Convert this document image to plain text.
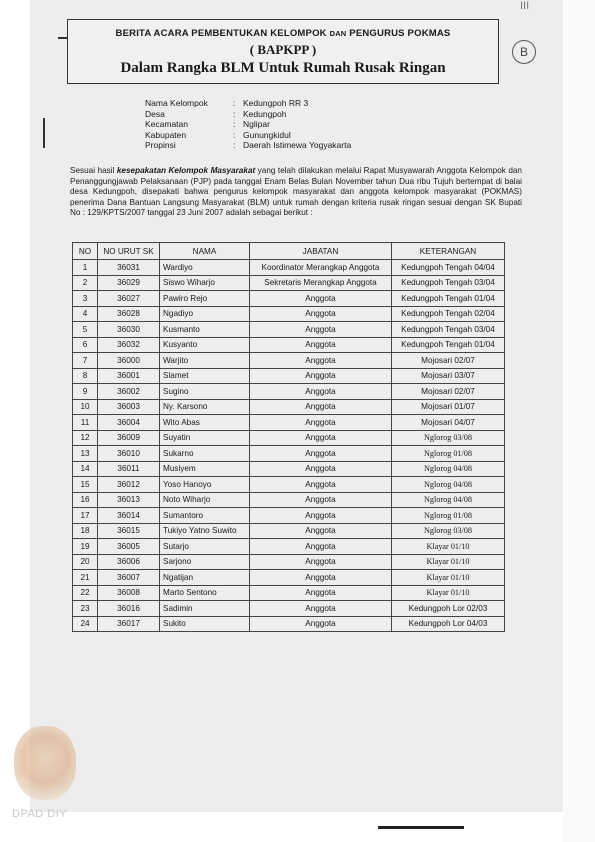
III
B
BERITA ACARA PEMBENTUKAN KELOMPOK DAN PENGURUS POKMAS
( BAPKPP )
Dalam Rangka BLM Untuk Rumah Rusak Ringan
Nama Kelompok	: Kedungpoh RR 3
Desa	: Kedungpoh
Kecamatan	: Nglipar
Kabupaten	: Gunungkidul
Propinsi	: Daerah Istimewa Yogyakarta
Sesuai hasil kesepakatan Kelompok Masyarakat yang telah dilakukan melalui Rapat Musyawarah Anggota Kelompok dan Penanggungjawab Pelaksanaan (PJP) pada tanggal Enam Belas Bulan November tahun Dua ribu Tujuh bertempat di balai desa Kedungpoh, disepakati bahwa pengurus kelompok masyarakat dan anggota kelompok masyarakat (POKMAS) penerima Dana Bantuan Langsung Masyarakat (BLM) untuk rumah dengan kriteria rusak ringan sesuai dengan SK Bupati No : 129/KPTS/2007 tanggal 23 Juni 2007 adalah sebagai berikut :
NO	NO URUT SK	NAMA	JABATAN	KETERANGAN
1	36031	Wardiyo	Koordinator Merangkap Anggota	Kedungpoh Tengah 04/04
2	36029	Siswo Wiharjo	Sekretaris Merangkap Anggota	Kedungpoh Tengah 03/04
3	36027	Pawiro Rejo	Anggota	Kedungpoh Tengah 01/04
4	36028	Ngadiyo	Anggota	Kedungpoh Tengah 02/04
5	36030	Kusmanto	Anggota	Kedungpoh Tengah 03/04
6	36032	Kusyanto	Anggota	Kedungpoh Tengah 01/04
7	36000	Warjito	Anggota	Mojosari 02/07
8	36001	Slamet	Anggota	Mojosari 03/07
9	36002	Sugino	Anggota	Mojosari 02/07
10	36003	Ny. Karsono	Anggota	Mojosari 01/07
11	36004	Wito Abas	Anggota	Mojosari 04/07
12	36009	Suyatin	Anggota	Nglorog 03/08
13	36010	Sukarno	Anggota	Nglorog 01/08
14	36011	Musiyem	Anggota	Nglorog 04/08
15	36012	Yoso Hanoyo	Anggota	Nglorog 04/08
16	36013	Noto Wiharjo	Anggota	Nglorog 04/08
17	36014	Sumantoro	Anggota	Nglorog 01/08
18	36015	Tukiyo Yatno Suwito	Anggota	Nglorog 03/08
19	36005	Sutarjo	Anggota	Klayar 01/10
20	36006	Sarjono	Anggota	Klayar 01/10
21	36007	Ngatijan	Anggota	Klayar 01/10
22	36008	Marto Sentono	Anggota	Klayar 01/10
23	36016	Sadimin	Anggota	Kedungpoh Lor 02/03
24	36017	Sukito	Anggota	Kedungpoh Lor 04/03
DPAD DIY
